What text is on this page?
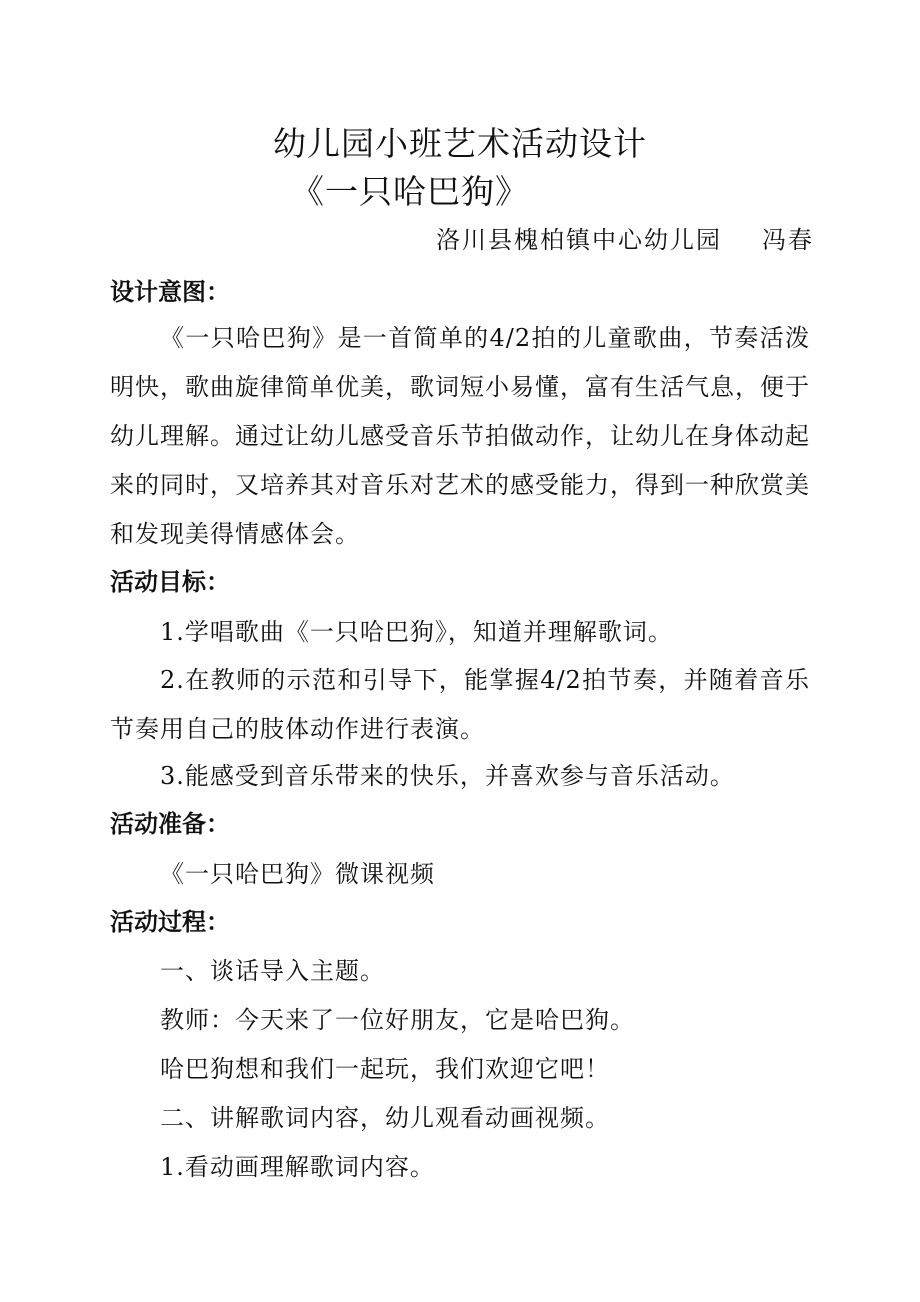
幼儿园小班艺术活动设计
《一只哈巴狗》
洛川县槐柏镇中心幼儿园 冯春
设计意图：
《一只哈巴狗》是一首简单的4/2拍的儿童歌曲，节奏活泼明快，歌曲旋律简单优美，歌词短小易懂，富有生活气息，便于幼儿理解。通过让幼儿感受音乐节拍做动作，让幼儿在身体动起来的同时，又培养其对音乐对艺术的感受能力，得到一种欣赏美和发现美得情感体会。
活动目标：
1.学唱歌曲《一只哈巴狗》，知道并理解歌词。
2.在教师的示范和引导下，能掌握4/2拍节奏，并随着音乐节奏用自己的肢体动作进行表演。
3.能感受到音乐带来的快乐，并喜欢参与音乐活动。
活动准备：
《一只哈巴狗》微课视频
活动过程：
一、谈话导入主题。
教师：今天来了一位好朋友，它是哈巴狗。
哈巴狗想和我们一起玩，我们欢迎它吧！
二、讲解歌词内容，幼儿观看动画视频。
1.看动画理解歌词内容。
